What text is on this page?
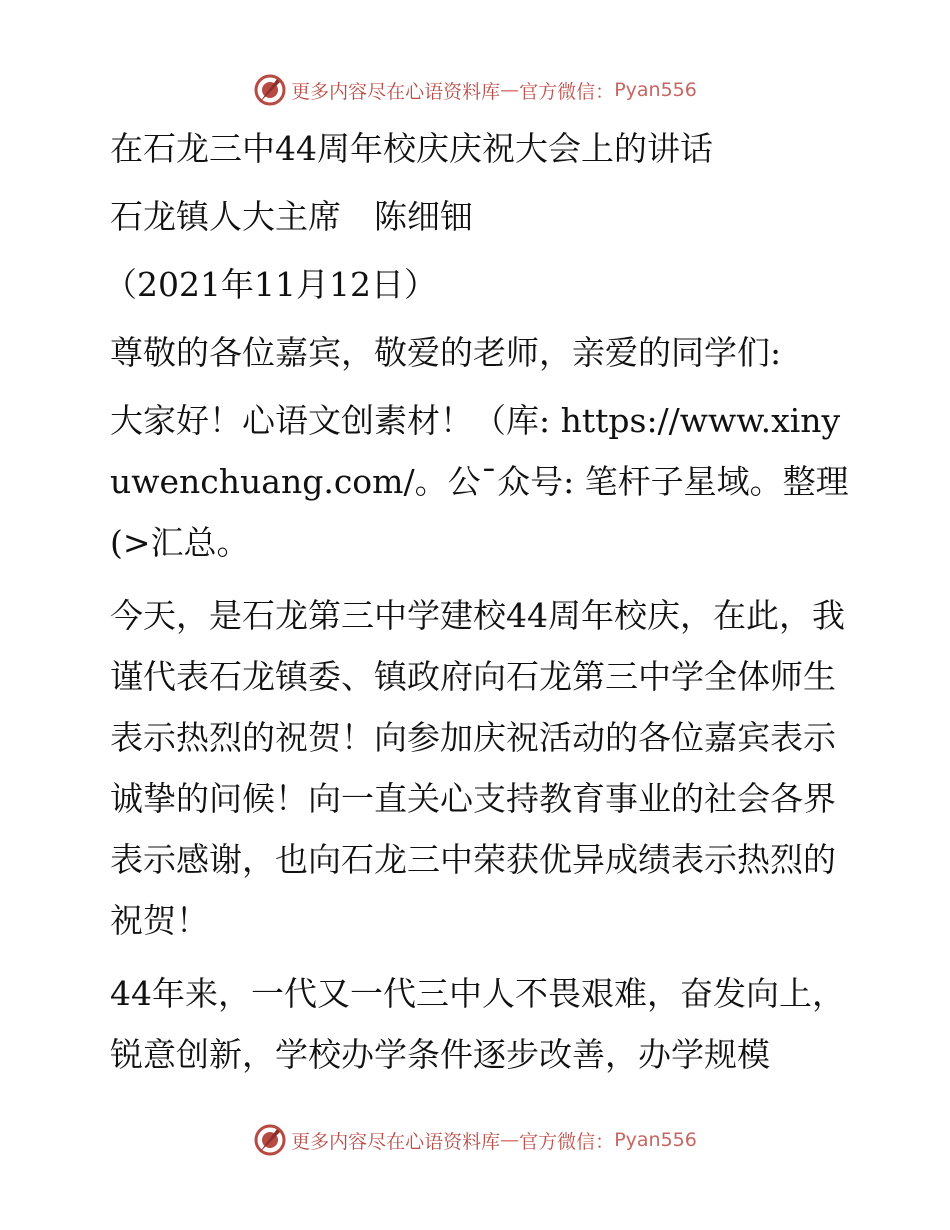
更多内容尽在心语资料库 — 官方微信： Pyan556

在石龙三中44周年校庆庆祝大会上的讲话

石龙镇人大主席　陈细钿

（2021年11月12日）

尊敬的各位嘉宾，敬爱的老师，亲爱的同学们:

大家好！心语文创素材！（库: https://www.xinyuwenchuang.com/。公¯众号: 笔杆子星域。整理(>汇总。

今天，是石龙第三中学建校44周年校庆，在此，我谨代表石龙镇委、镇政府向石龙第三中学全体师生表示热烈的祝贺！向参加庆祝活动的各位嘉宾表示诚挚的问候！向一直关心支持教育事业的社会各界表示感谢，也向石龙三中荣获优异成绩表示热烈的祝贺！

44年来，一代又一代三中人不畏艰难，奋发向上，锐意创新，学校办学条件逐步改善，办学规模

更多内容尽在心语资料库 — 官方微信： Pyan556
